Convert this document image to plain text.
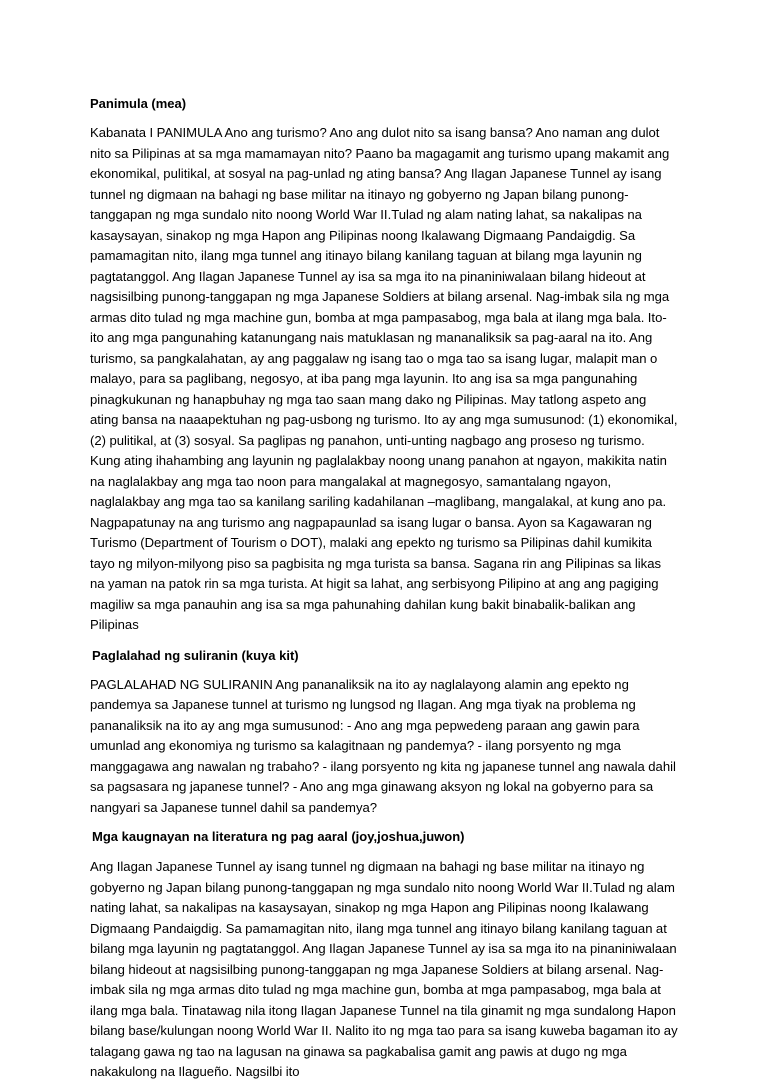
Panimula (mea)

Kabanata I PANIMULA Ano ang turismo? Ano ang dulot nito sa isang bansa? Ano naman ang dulot nito sa Pilipinas at sa mga mamamayan nito? Paano ba magagamit ang turismo upang makamit ang ekonomikal, pulitikal, at sosyal na pag-unlad ng ating bansa? Ang Ilagan Japanese Tunnel ay isang tunnel ng digmaan na bahagi ng base militar na itinayo ng gobyerno ng Japan bilang punong-tanggapan ng mga sundalo nito noong World War II.Tulad ng alam nating lahat, sa nakalipas na kasaysayan, sinakop ng mga Hapon ang Pilipinas noong Ikalawang Digmaang Pandaigdig. Sa pamamagitan nito, ilang mga tunnel ang itinayo bilang kanilang taguan at bilang mga layunin ng pagtatanggol. Ang Ilagan Japanese Tunnel ay isa sa mga ito na pinaniniwalaan bilang hideout at nagsisilbing punong-tanggapan ng mga Japanese Soldiers at bilang arsenal. Nag-imbak sila ng mga armas dito tulad ng mga machine gun, bomba at mga pampasabog, mga bala at ilang mga bala. Ito-ito ang mga pangunahing katanungang nais matuklasan ng mananaliksik sa pag-aaral na ito. Ang turismo, sa pangkalahatan, ay ang paggalaw ng isang tao o mga tao sa isang lugar, malapit man o malayo, para sa paglibang, negosyo, at iba pang mga layunin. Ito ang isa sa mga pangunahing pinagkukunan ng hanapbuhay ng mga tao saan mang dako ng Pilipinas. May tatlong aspeto ang ating bansa na naaapektuhan ng pag-usbong ng turismo. Ito ay ang mga sumusunod: (1) ekonomikal, (2) pulitikal, at (3) sosyal. Sa paglipas ng panahon, unti-unting nagbago ang proseso ng turismo. Kung ating ihahambing ang layunin ng paglalakbay noong unang panahon at ngayon, makikita natin na naglalakbay ang mga tao noon para mangalakal at magnegosyo, samantalang ngayon, naglalakbay ang mga tao sa kanilang sariling kadahilanan –maglibang, mangalakal, at kung ano pa. Nagpapatunay na ang turismo ang nagpapaunlad sa isang lugar o bansa. Ayon sa Kagawaran ng Turismo (Department of Tourism o DOT), malaki ang epekto ng turismo sa Pilipinas dahil kumikita tayo ng milyon-milyong piso sa pagbisita ng mga turista sa bansa. Sagana rin ang Pilipinas sa likas na yaman na patok rin sa mga turista. At higit sa lahat, ang serbisyong Pilipino at ang ang pagiging magiliw sa mga panauhin ang isa sa mga pahunahing dahilan kung bakit binabalik-balikan ang Pilipinas

Paglalahad ng suliranin (kuya kit)

PAGLALAHAD NG SULIRANIN Ang pananaliksik na ito ay naglalayong alamin ang epekto ng pandemya sa Japanese tunnel at turismo ng lungsod ng Ilagan. Ang mga tiyak na problema ng pananaliksik na ito ay ang mga sumusunod: - Ano ang mga pepwedeng paraan ang gawin para umunlad ang ekonomiya ng turismo sa kalagitnaan ng pandemya? - ilang porsyento ng mga manggagawa ang nawalan ng trabaho? - ilang porsyento ng kita ng japanese tunnel ang nawala dahil sa pagsasara ng japanese tunnel? - Ano ang mga ginawang aksyon ng lokal na gobyerno para sa nangyari sa Japanese tunnel dahil sa pandemya?

Mga kaugnayan na literatura ng pag aaral (joy,joshua,juwon)

Ang Ilagan Japanese Tunnel ay isang tunnel ng digmaan na bahagi ng base militar na itinayo ng gobyerno ng Japan bilang punong-tanggapan ng mga sundalo nito noong World War II.Tulad ng alam nating lahat, sa nakalipas na kasaysayan, sinakop ng mga Hapon ang Pilipinas noong Ikalawang Digmaang Pandaigdig. Sa pamamagitan nito, ilang mga tunnel ang itinayo bilang kanilang taguan at bilang mga layunin ng pagtatanggol. Ang Ilagan Japanese Tunnel ay isa sa mga ito na pinaniniwalaan bilang hideout at nagsisilbing punong-tanggapan ng mga Japanese Soldiers at bilang arsenal. Nag-imbak sila ng mga armas dito tulad ng mga machine gun, bomba at mga pampasabog, mga bala at ilang mga bala. Tinatawag nila itong Ilagan Japanese Tunnel na tila ginamit ng mga sundalong Hapon bilang base/kulungan noong World War II. Nalito ito ng mga tao para sa isang kuweba bagaman ito ay talagang gawa ng tao na lagusan na ginawa sa pagkabalisa gamit ang pawis at dugo ng mga nakakulong na Ilagueño. Nagsilbi ito
